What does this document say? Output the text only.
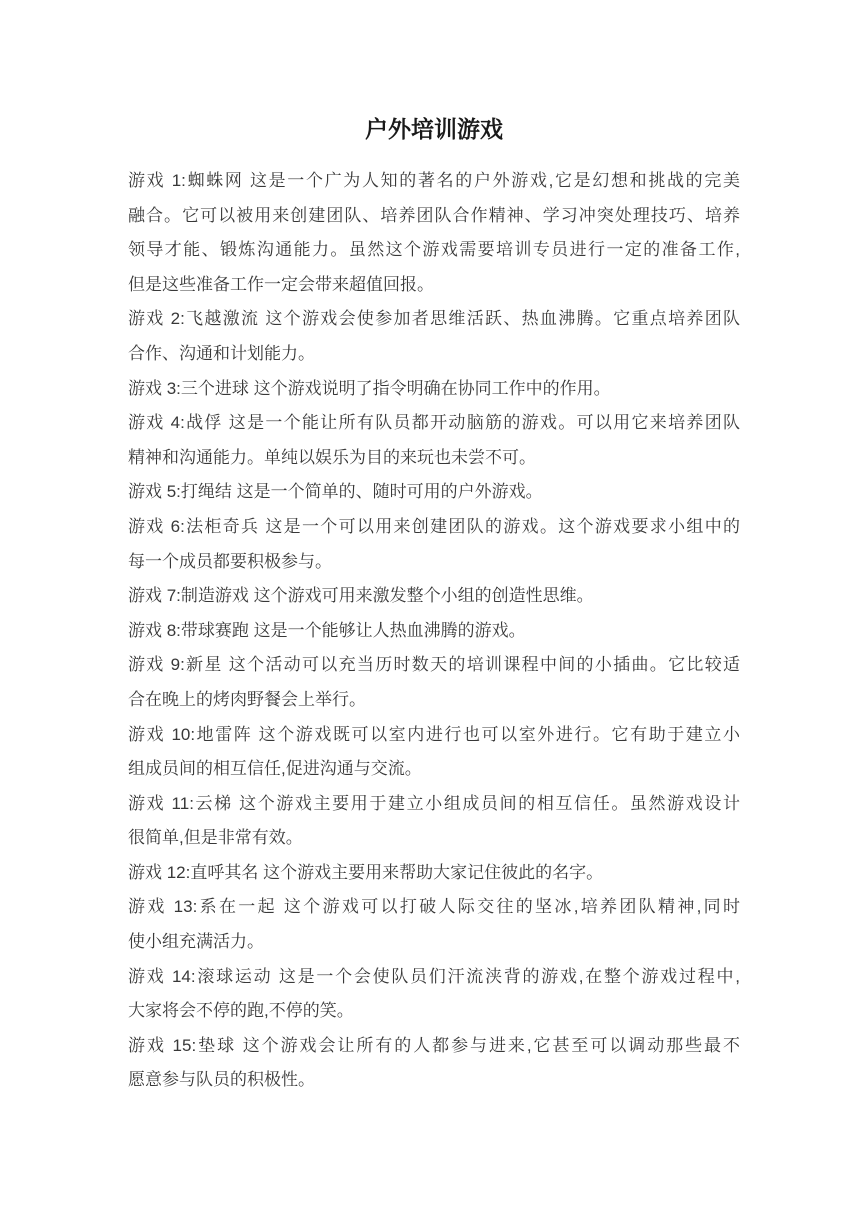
户外培训游戏

游戏 1:蜘蛛网 这是一个广为人知的著名的户外游戏,它是幻想和挑战的完美
融合。它可以被用来创建团队、培养团队合作精神、学习冲突处理技巧、培养
领导才能、锻炼沟通能力。虽然这个游戏需要培训专员进行一定的准备工作,
但是这些准备工作一定会带来超值回报。

游戏 2:飞越激流 这个游戏会使参加者思维活跃、热血沸腾。它重点培养团队
合作、沟通和计划能力。

游戏 3:三个进球 这个游戏说明了指令明确在协同工作中的作用。

游戏 4:战俘 这是一个能让所有队员都开动脑筋的游戏。可以用它来培养团队
精神和沟通能力。单纯以娱乐为目的来玩也未尝不可。

游戏 5:打绳结 这是一个简单的、随时可用的户外游戏。

游戏 6:法柜奇兵 这是一个可以用来创建团队的游戏。这个游戏要求小组中的
每一个成员都要积极参与。

游戏 7:制造游戏 这个游戏可用来激发整个小组的创造性思维。

游戏 8:带球赛跑 这是一个能够让人热血沸腾的游戏。

游戏 9:新星 这个活动可以充当历时数天的培训课程中间的小插曲。它比较适
合在晚上的烤肉野餐会上举行。

游戏 10:地雷阵 这个游戏既可以室内进行也可以室外进行。它有助于建立小
组成员间的相互信任,促进沟通与交流。

游戏 11:云梯 这个游戏主要用于建立小组成员间的相互信任。虽然游戏设计
很简单,但是非常有效。

游戏 12:直呼其名 这个游戏主要用来帮助大家记住彼此的名字。

游戏 13:系在一起 这个游戏可以打破人际交往的坚冰,培养团队精神,同时
使小组充满活力。

游戏 14:滚球运动 这是一个会使队员们汗流浃背的游戏,在整个游戏过程中,
大家将会不停的跑,不停的笑。

游戏 15:垫球 这个游戏会让所有的人都参与进来,它甚至可以调动那些最不
愿意参与队员的积极性。
